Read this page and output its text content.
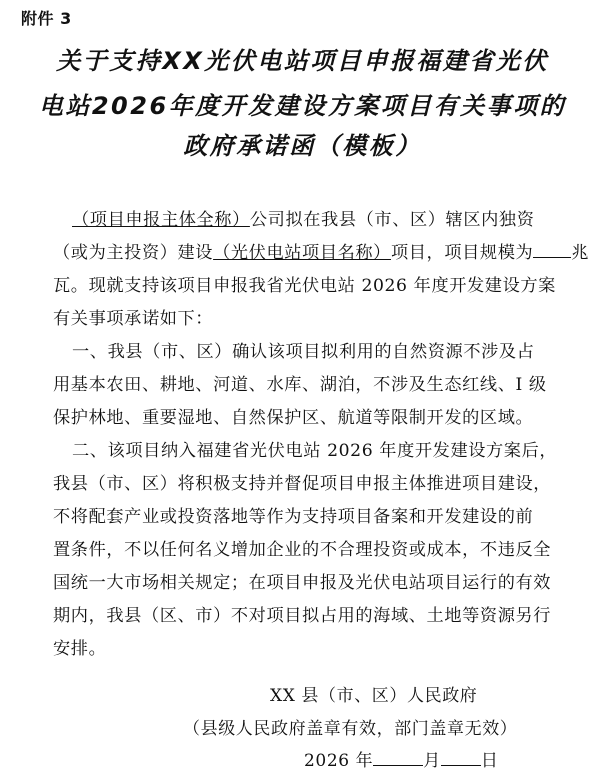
附件 3
关于支持XX光伏电站项目申报福建省光伏
电站2026年度开发建设方案项目有关事项的
政府承诺函（模板）
（项目申报主体全称）公司拟在我县（市、区）辖区内独资
（或为主投资）建设（光伏电站项目名称）项目，项目规模为 兆
瓦。现就支持该项目申报我省光伏电站 2026 年度开发建设方案
有关事项承诺如下：
一、我县（市、区）确认该项目拟利用的自然资源不涉及占
用基本农田、耕地、河道、水库、湖泊，不涉及生态红线、I 级
保护林地、重要湿地、自然保护区、航道等限制开发的区域。
二、该项目纳入福建省光伏电站 2026 年度开发建设方案后，
我县（市、区）将积极支持并督促项目申报主体推进项目建设，
不将配套产业或投资落地等作为支持项目备案和开发建设的前
置条件，不以任何名义增加企业的不合理投资或成本，不违反全
国统一大市场相关规定；在项目申报及光伏电站项目运行的有效
期内，我县（区、市）不对项目拟占用的海域、土地等资源另行
安排。
XX 县（市、区）人民政府
（县级人民政府盖章有效，部门盖章无效）
2026 年	月 日
